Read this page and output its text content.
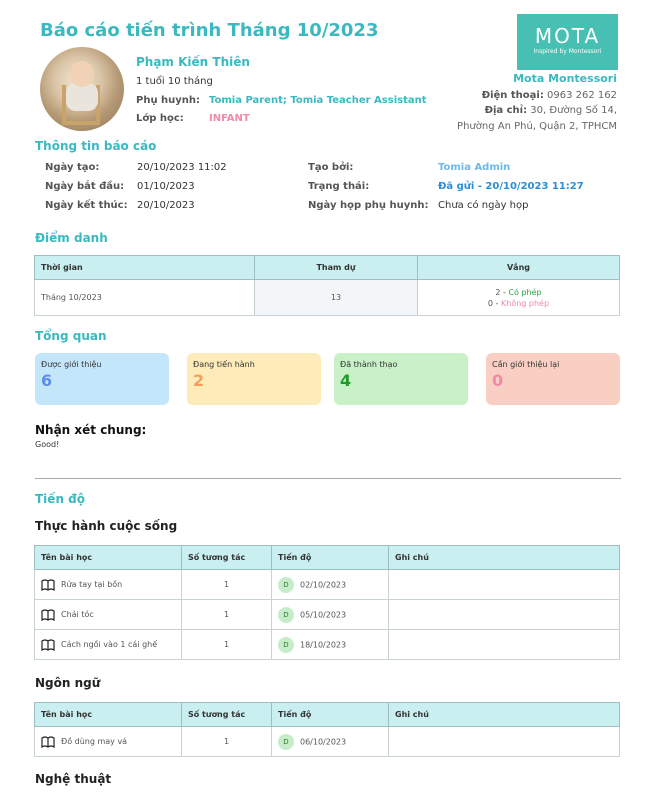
Báo cáo tiến trình Tháng 10/2023
Phạm Kiến Thiên
1 tuổi 10 tháng
Phụ huynh: Tomia Parent; Tomia Teacher Assistant
Lớp học:	INFANT
MOTA
Inspired by Montessori
Mota Montessori
Điện thoại: 0963 262 162
Địa chỉ: 30, Đường Số 14,
Phường An Phú, Quận 2, TPHCM
Thông tin báo cáo
Ngày tạo:	20/10/2023 11:02
Ngày bắt đầu: 01/10/2023
Ngày kết thúc: 20/10/2023
Tạo bởi:	Tomia Admin
Trạng thái:	Đã gửi - 20/10/2023 11:27
Ngày họp phụ huynh: Chưa có ngày họp
Điểm danh
Thời gian	Tham dự	Vắng
Tháng 10/2023	13	2 - Có phép
0 - Không phép
Tổng quan
Được giới thiệu
6
Đang tiến hành
2
Đã thành thạo
4
Cần giới thiệu lại
0
Nhận xét chung:
Good!
Tiến độ
Thực hành cuộc sống
Tên bài học	Số tương tác	Tiến độ	Ghi chú

Rửa tay tại bồn	1	D 02/10/2023	

Chải tóc	1	D 05/10/2023	

Cách ngồi vào 1 cái ghế	1	D 18/10/2023	
Ngôn ngữ
Tên bài học	Số tương tác	Tiến độ	Ghi chú

Đồ dùng may vá	1	D 06/10/2023	
Nghệ thuật
